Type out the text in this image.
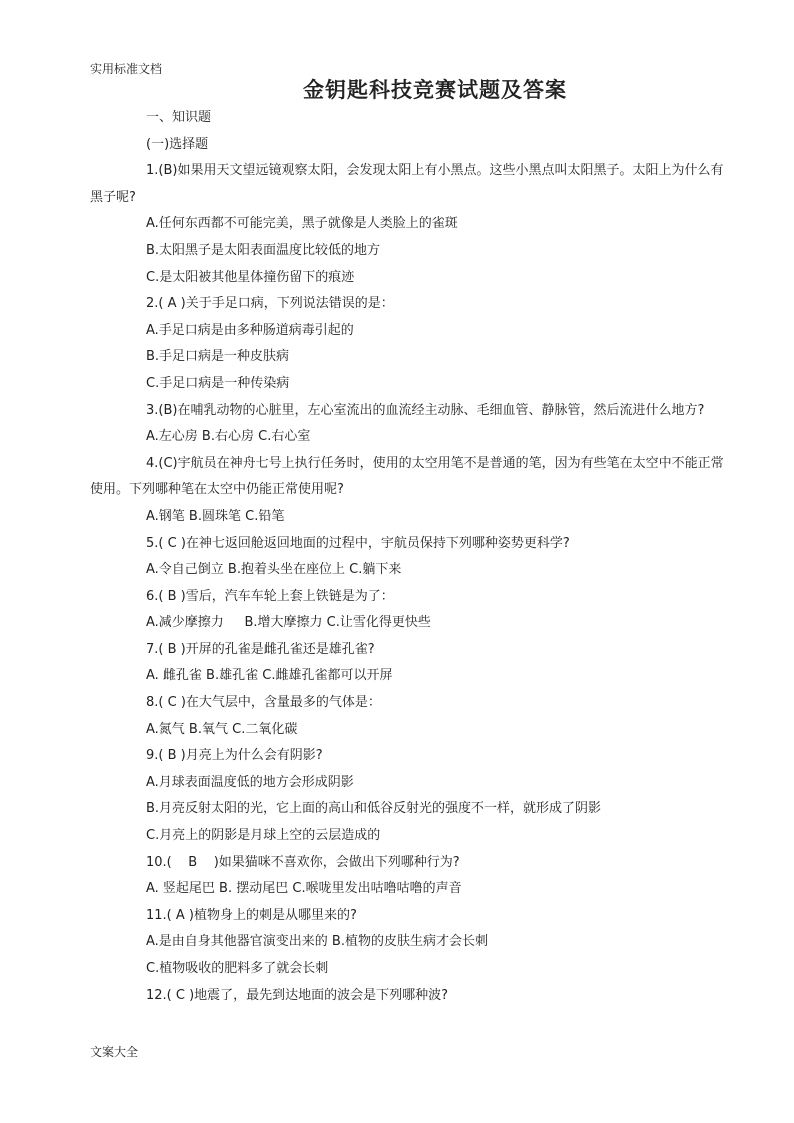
实用标准文档
金钥匙科技竞赛试题及答案
一、知识题
(一)选择题
1.(B)如果用天文望远镜观察太阳，会发现太阳上有小黑点。这些小黑点叫太阳黑子。太阳上为什么有黑子呢?
A.任何东西都不可能完美，黑子就像是人类脸上的雀斑
B.太阳黑子是太阳表面温度比较低的地方
C.是太阳被其他星体撞伤留下的痕迹
2.( A )关于手足口病，下列说法错误的是：
A.手足口病是由多种肠道病毒引起的
B.手足口病是一种皮肤病
C.手足口病是一种传染病
3.(B)在哺乳动物的心脏里，左心室流出的血流经主动脉、毛细血管、静脉管，然后流进什么地方?
A.左心房 B.右心房 C.右心室
4.(C)宇航员在神舟七号上执行任务时，使用的太空用笔不是普通的笔，因为有些笔在太空中不能正常使用。下列哪种笔在太空中仍能正常使用呢?
A.钢笔 B.圆珠笔 C.铅笔
5.( C )在神七返回舱返回地面的过程中，宇航员保持下列哪种姿势更科学?
A.令自己倒立 B.抱着头坐在座位上 C.躺下来
6.( B )雪后，汽车车轮上套上铁链是为了：
A.减少摩擦力     B.增大摩擦力 C.让雪化得更快些
7.( B )开屏的孔雀是雌孔雀还是雄孔雀?
A. 雌孔雀 B.雄孔雀 C.雌雄孔雀都可以开屏
8.( C )在大气层中，含量最多的气体是：
A.氮气 B.氧气 C.二氧化碳
9.( B )月亮上为什么会有阴影?
A.月球表面温度低的地方会形成阴影
B.月亮反射太阳的光，它上面的高山和低谷反射光的强度不一样，就形成了阴影
C.月亮上的阴影是月球上空的云层造成的
10.(    B    )如果猫咪不喜欢你，会做出下列哪种行为?
A. 竖起尾巴 B. 摆动尾巴 C.喉咙里发出咕噜咕噜的声音
11.( A )植物身上的刺是从哪里来的?
A.是由自身其他器官演变出来的 B.植物的皮肤生病才会长刺
C.植物吸收的肥料多了就会长刺
12.( C )地震了，最先到达地面的波会是下列哪种波?
文案大全
